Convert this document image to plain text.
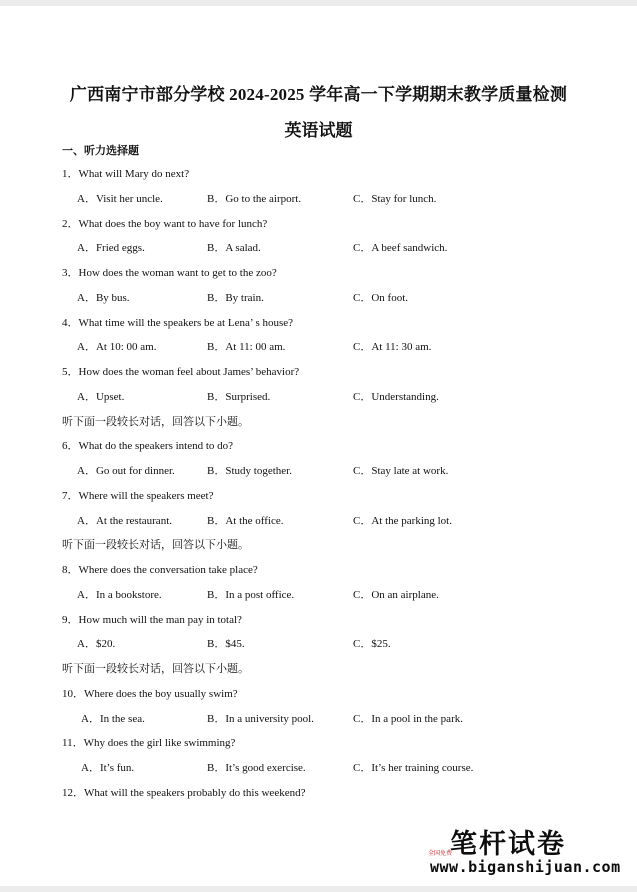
广西南宁市部分学校 2024-2025 学年高一下学期期末教学质量检测
英语试题
一、听力选择题
1．What will Mary do next?
A．Visit her uncle.	B．Go to the airport.	C．Stay for lunch.
2．What does the boy want to have for lunch?
A．Fried eggs.	B．A salad.	C．A beef sandwich.
3．How does the woman want to get to the zoo?
A．By bus.	B．By train.	C．On foot.
4．What time will the speakers be at Lena’ s house?
A．At 10: 00 am.	B．At 11: 00 am.	C．At 11: 30 am.
5．How does the woman feel about James’ behavior?
A．Upset.	B．Surprised.	C．Understanding.
听下面一段较长对话，回答以下小题。
6．What do the speakers intend to do?
A．Go out for dinner.	B．Study together.	C．Stay late at work.
7．Where will the speakers meet?
A．At the restaurant.	B．At the office.	C．At the parking lot.
听下面一段较长对话，回答以下小题。
8．Where does the conversation take place?
A．In a bookstore.	B．In a post office.	C．On an airplane.
9．How much will the man pay in total?
A．$20.	B．$45.	C．$25.
听下面一段较长对话，回答以下小题。
10．Where does the boy usually swim?
A．In the sea.	B．In a university pool.	C．In a pool in the park.
11．Why does the girl like swimming?
A．It’s fun.	B．It’s good exercise.	C．It’s her training course.
12．What will the speakers probably do this weekend?
笔杆试卷
全国免费
www.biganshijuan.com
